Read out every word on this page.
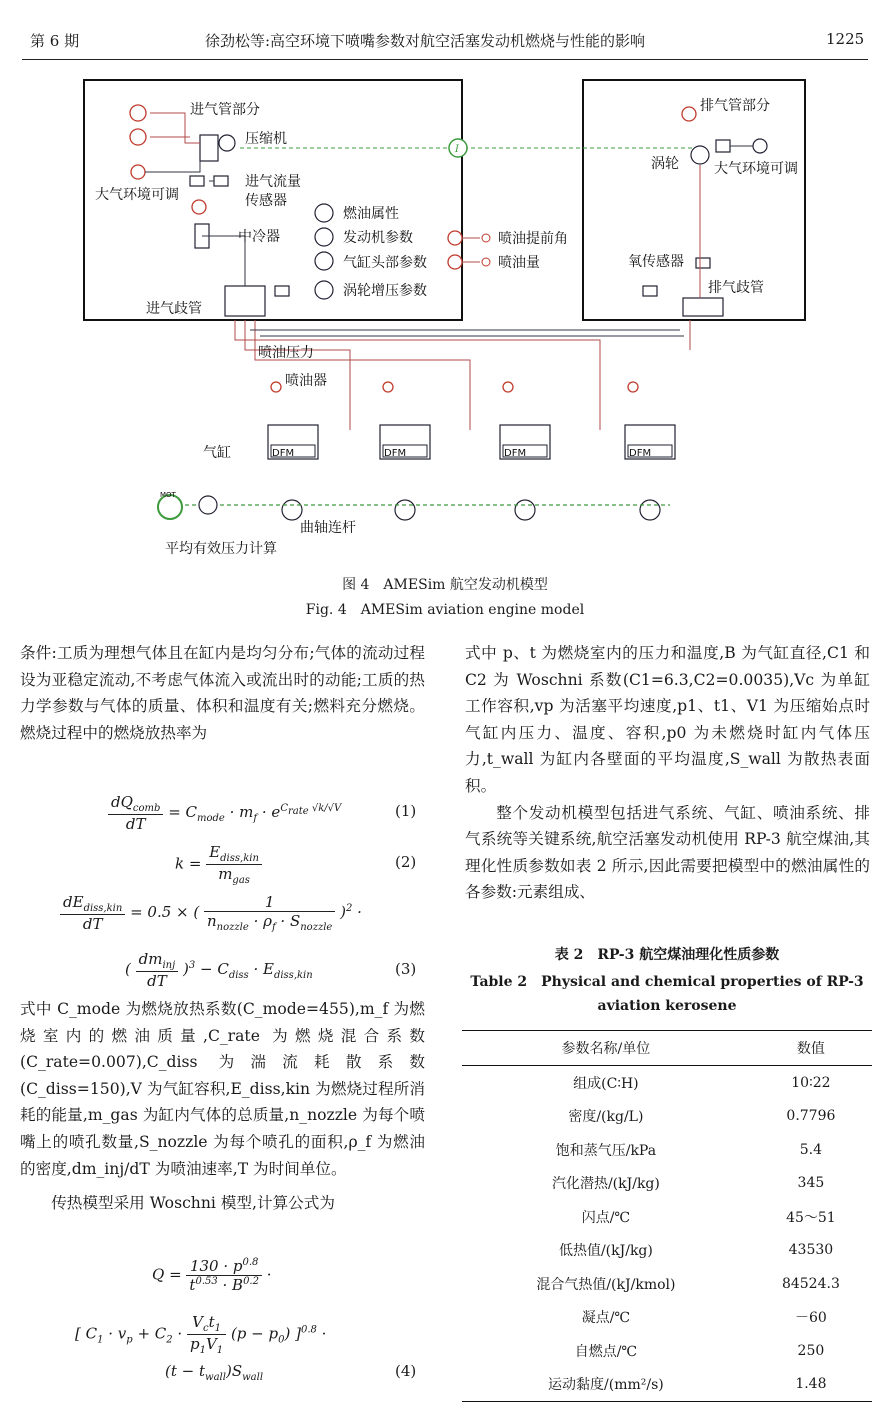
第 6 期	徐劲松等:高空环境下喷嘴参数对航空活塞发动机燃烧与性能的影响	1225
I
DFM	DFM	DFM	DFM
MOT
进气管部分
压缩机
大气环境可调
进气流量
传感器
中冷器
进气歧管
燃油属性
发动机参数
气缸头部参数
涡轮增压参数
喷油提前角
喷油量
排气管部分
涡轮	大气环境可调
氧传感器
排气歧管
喷油压力
喷油器
气缸
曲轴连杆
平均有效压力计算
图 4　AMESim 航空发动机模型
Fig. 4　AMESim aviation engine model

条件:工质为理想气体且在缸内是均匀分布;气体的流动过程设为亚稳定流动,不考虑气体流入或流出时的动能;工质的热力学参数与气体的质量、体积和温度有关;燃料充分燃烧。燃烧过程中的燃烧放热率为

$\frac{dQ_{comb}}{dT} = C_{mode} \cdot m_f \cdot e^{C_{rate} √k/√V}$	(1)
$k = \frac{E_{diss,kin}}{m_{gas}}$	(2)
$\frac{dE_{diss,kin}}{dT} = 0.5$ × ( $\frac{1}{n_{nozzle} \cdot \rho_f \cdot S_{nozzle}} )^2$ ·
( $\frac{dm_{inj}}{dT} )^3 - C_{diss} \cdot E_{diss,kin}$	(3)

式中 C_mode 为燃烧放热系数(C_mode=455),m_f 为燃烧室内的燃油质量,C_rate 为燃烧混合系数(C_rate=0.007),C_diss 为湍流耗散系数(C_diss=150),V 为气缸容积,E_diss,kin 为燃烧过程所消耗的能量,m_gas 为缸内气体的总质量,n_nozzle 为每个喷嘴上的喷孔数量,S_nozzle 为每个喷孔的面积,ρ_f 为燃油的密度,dm_inj/dT 为喷油速率,T 为时间单位。

传热模型采用 Woschni 模型,计算公式为

$Q = \frac{130 \cdot p^{0.8}}{t^{0.53} \cdot B^{0.2}}$ ·
[ $C_1 \cdot v_p + C_2 \cdot \frac{V_ct_1}{p_1V_1} (p - p_0) ]^{0.8}$ ·
$(t - t_{wall})S_{wall}$	(4)

式中 p、t 为燃烧室内的压力和温度,B 为气缸直径,C1 和 C2 为 Woschni 系数(C1=6.3,C2=0.0035),Vc 为单缸工作容积,vp 为活塞平均速度,p1、t1、V1 为压缩始点时气缸内压力、温度、容积,p0 为未燃烧时缸内气体压力,t_wall 为缸内各壁面的平均温度,S_wall 为散热表面积。

整个发动机模型包括进气系统、气缸、喷油系统、排气系统等关键系统,航空活塞发动机使用 RP-3 航空煤油,其理化性质参数如表 2 所示,因此需要把模型中的燃油属性的各参数:元素组成、

表 2　RP-3 航空煤油理化性质参数
Table 2　Physical and chemical properties of RP-3
aviation kerosene
参数名称/单位	数值
组成(C∶H)	10∶22
密度/(kg/L)	0.7796
饱和蒸气压/kPa	5.4
汽化潜热/(kJ/kg)	345
闪点/℃	45～51
低热值/(kJ/kg)	43530
混合气热值/(kJ/kmol)	84524.3
凝点/℃	－60
自燃点/℃	250
运动黏度/(mm²/s)	1.48
